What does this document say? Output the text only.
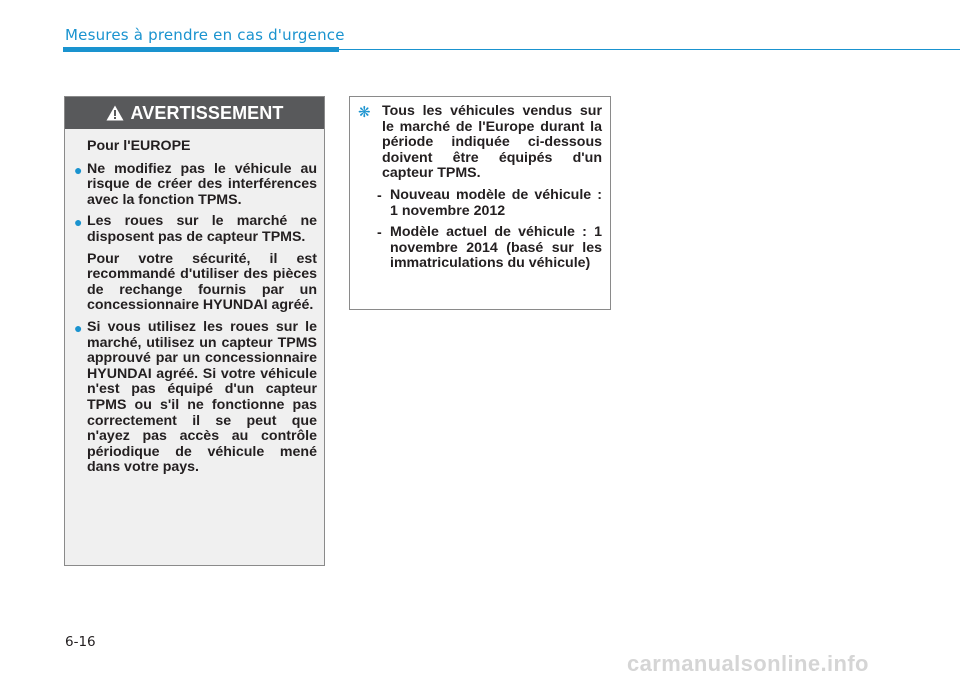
Mesures à prendre en cas d'urgence
AVERTISSEMENT

Pour l'EUROPE

● Ne modifiez pas le véhicule au risque de créer des interférences avec la fonction TPMS.

● Les roues sur le marché ne disposent pas de capteur TPMS.

Pour votre sécurité, il est recommandé d'utiliser des pièces de rechange fournis par un concessionnaire HYUNDAI agréé.

● Si vous utilisez les roues sur le marché, utilisez un capteur TPMS approuvé par un concessionnaire HYUNDAI agréé. Si votre véhicule n'est pas équipé d'un capteur TPMS ou s'il ne fonctionne pas correctement il se peut que n'ayez pas accès au contrôle périodique de véhicule mené dans votre pays.

❋ Tous les véhicules vendus sur le marché de l'Europe durant la période indiquée ci-dessous doivent être équipés d'un capteur TPMS.

- Nouveau modèle de véhicule : 1 novembre 2012

- Modèle actuel de véhicule : 1 novembre 2014 (basé sur les immatriculations du véhicule)

6-16

carmanualsonline.info
